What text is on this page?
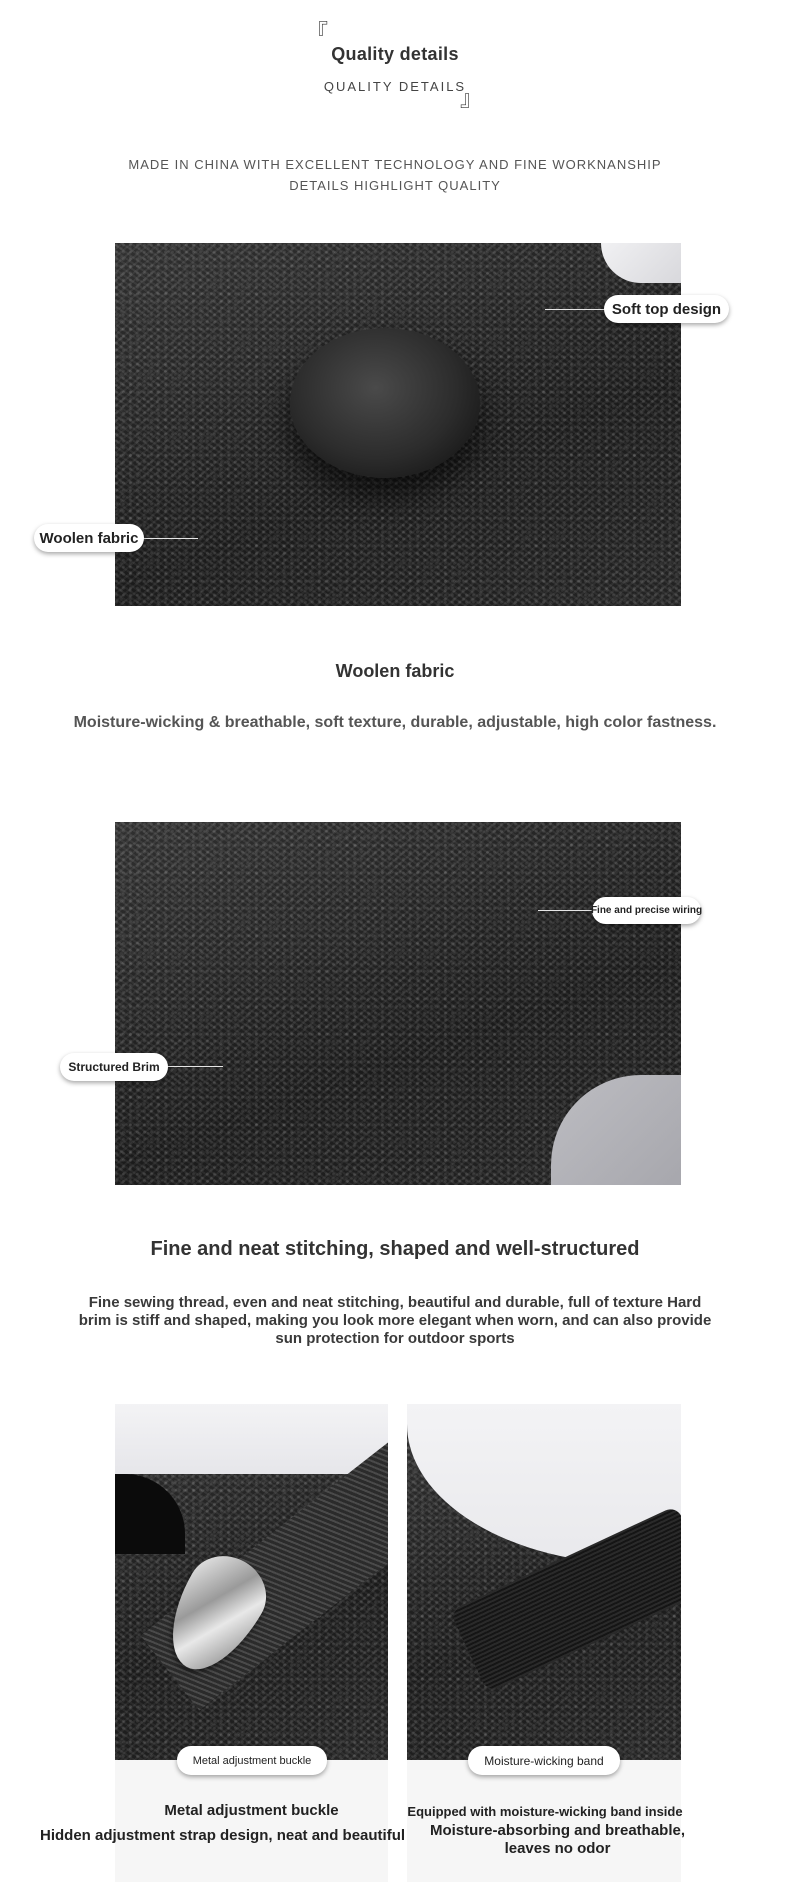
『
Quality details
QUALITY DETAILS
』
MADE IN CHINA WITH EXCELLENT TECHNOLOGY AND FINE WORKNANSHIP
DETAILS HIGHLIGHT QUALITY
Soft top design
Woolen fabric
Woolen fabric
Moisture-wicking & breathable, soft texture, durable, adjustable, high color fastness.
Fine and precise wiring
Structured Brim
Fine and neat stitching, shaped and well-structured
Fine sewing thread, even and neat stitching, beautiful and durable, full of texture Hard brim is stiff and shaped, making you look more elegant when worn, and can also provide sun protection for outdoor sports
Metal adjustment buckle
Metal adjustment buckle
Hidden adjustment strap design, neat and beautiful
Moisture-wicking band
Equipped with moisture-wicking band inside
Moisture-absorbing and breathable, leaves no odor
